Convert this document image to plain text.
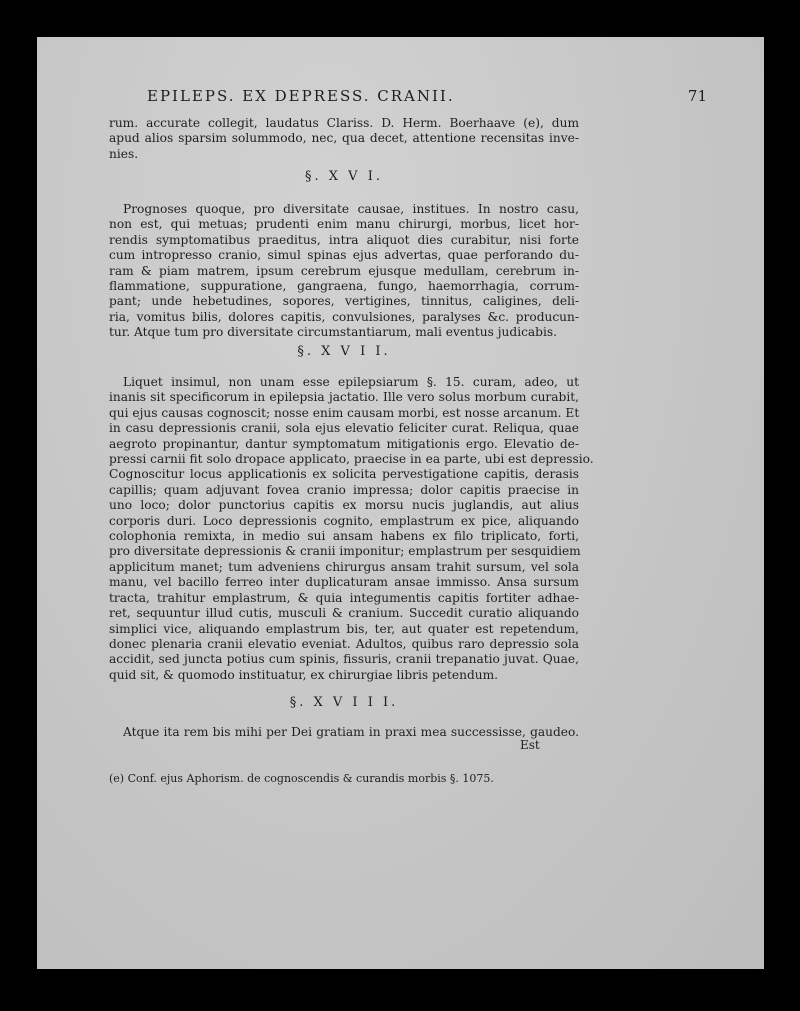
EPILEPS. EX DEPRESS. CRANII.	71
rum. accurate collegit, laudatus Clariss. D. Herm. Boerhaave (e), dum
apud alios sparsim solummodo, nec, qua decet, attentione recensitas inve-
nies.
§. X V I.
Prognoses quoque, pro diversitate causae, institues. In nostro casu,
non est, qui metuas; prudenti enim manu chirurgi, morbus, licet hor-
rendis symptomatibus praeditus, intra aliquot dies curabitur, nisi forte
cum intropresso cranio, simul spinas ejus advertas, quae perforando du-
ram & piam matrem, ipsum cerebrum ejusque medullam, cerebrum in-
flammatione, suppuratione, gangraena, fungo, haemorrhagia, corrum-
pant; unde hebetudines, sopores, vertigines, tinnitus, caligines, deli-
ria, vomitus bilis, dolores capitis, convulsiones, paralyses &c. producun-
tur. Atque tum pro diversitate circumstantiarum, mali eventus judicabis.
§. X V I I.
Liquet insimul, non unam esse epilepsiarum §. 15. curam, adeo, ut
inanis sit specificorum in epilepsia jactatio. Ille vero solus morbum curabit,
qui ejus causas cognoscit; nosse enim causam morbi, est nosse arcanum. Et
in casu depressionis cranii, sola ejus elevatio feliciter curat. Reliqua, quae
aegroto propinantur, dantur symptomatum mitigationis ergo. Elevatio de-
pressi carnii fit solo dropace applicato, praecise in ea parte, ubi est depressio.
Cognoscitur locus applicationis ex solicita pervestigatione capitis, derasis
capillis; quam adjuvant fovea cranio impressa; dolor capitis praecise in
uno loco; dolor punctorius capitis ex morsu nucis juglandis, aut alius
corporis duri. Loco depressionis cognito, emplastrum ex pice, aliquando
colophonia remixta, in medio sui ansam habens ex filo triplicato, forti,
pro diversitate depressionis & cranii imponitur; emplastrum per sesquidiem
applicitum manet; tum adveniens chirurgus ansam trahit sursum, vel sola
manu, vel bacillo ferreo inter duplicaturam ansae immisso. Ansa sursum
tracta, trahitur emplastrum, & quia integumentis capitis fortiter adhae-
ret, sequuntur illud cutis, musculi & cranium. Succedit curatio aliquando
simplici vice, aliquando emplastrum bis, ter, aut quater est repetendum,
donec plenaria cranii elevatio eveniat. Adultos, quibus raro depressio sola
accidit, sed juncta potius cum spinis, fissuris, cranii trepanatio juvat. Quae,
quid sit, & quomodo instituatur, ex chirurgiae libris petendum.
§. X V I I I.
Atque ita rem bis mihi per Dei gratiam in praxi mea successisse, gaudeo.
Est
(e) Conf. ejus Aphorism. de cognoscendis & curandis morbis §. 1075.
